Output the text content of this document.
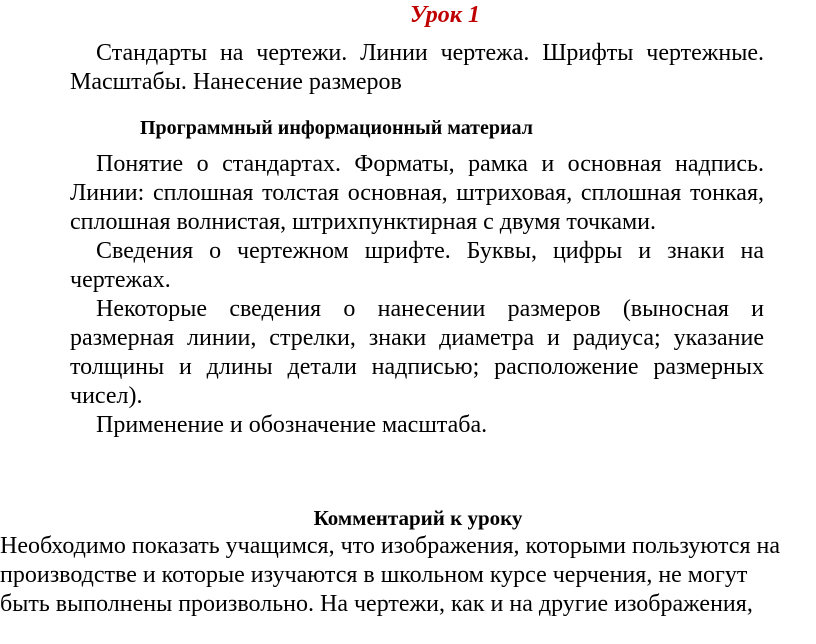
Урок 1

Стандарты на чертежи. Линии чертежа. Шрифты чертежные. Масштабы. Нанесение размеров

Программный информационный материал

Понятие о стандартах. Форматы, рамка и основная надпись. Линии: сплошная толстая основная, штриховая, сплошная тонкая, сплошная волнистая, штрихпунктирная с двумя точками.

Сведения о чертежном шрифте. Буквы, цифры и знаки на чертежах.

Некоторые сведения о нанесении размеров (выносная и размерная линии, стрелки, знаки диаметра и радиуса; указание толщины и длины детали надписью; расположение размерных чисел).

Применение и обозначение масштаба.

Комментарий к уроку

Необходимо показать учащимся, что изображения, которыми пользуются на производстве и которые изучаются в школьном курсе черчения, не могут быть выполнены произвольно. На чертежи, как и на другие изображения,
